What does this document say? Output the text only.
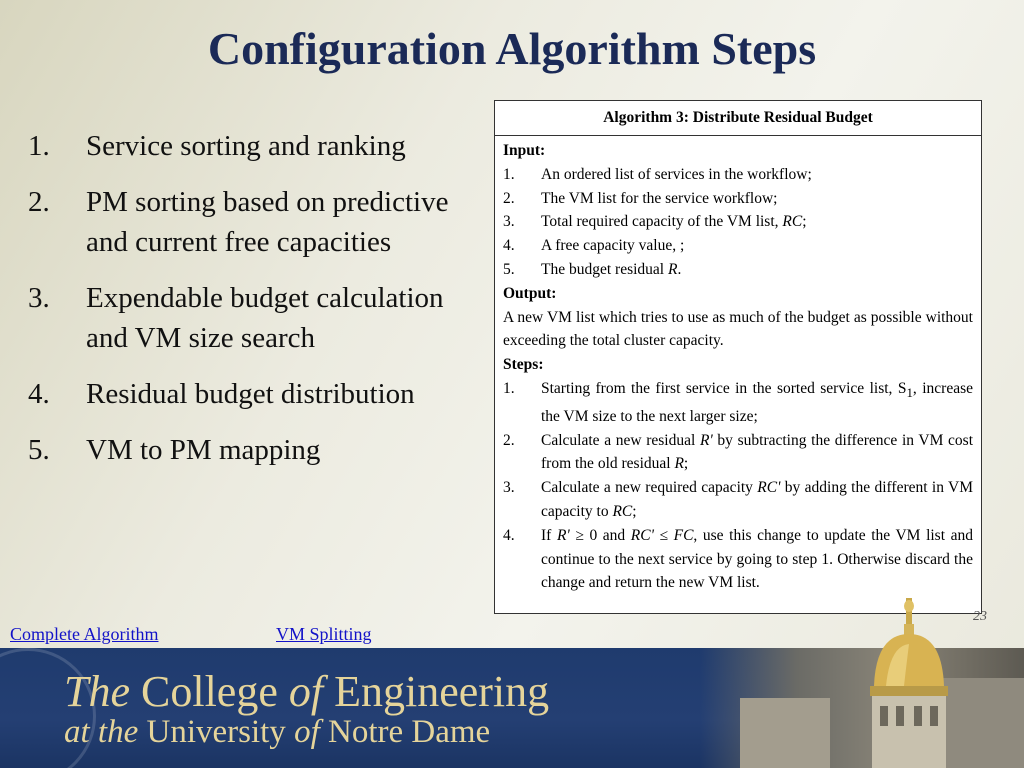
Configuration Algorithm Steps
1.	Service sorting and ranking
2.	PM sorting based on predictive and current free capacities
3.	Expendable budget calculation and VM size search
4.	Residual budget distribution
5.	VM to PM mapping
Algorithm 3: Distribute Residual Budget
Input:
1.	An ordered list of services in the workflow;
2.	The VM list for the service workflow;
3.	Total required capacity of the VM list, RC;
4.	A free capacity value, ;
5.	The budget residual R.
Output:
A new VM list which tries to use as much of the budget as possible without exceeding the total cluster capacity.
Steps:
1.	Starting from the first service in the sorted service list, $S_1$, increase the VM size to the next larger size;
2.	Calculate a new residual R' by subtracting the difference in VM cost from the old residual R;
3.	Calculate a new required capacity RC' by adding the different in VM capacity to RC;
4.	If R' ≥ 0 and RC' ≤ FC, use this change to update the VM list and continue to the next service by going to step 1. Otherwise discard the change and return the new VM list.
Complete Algorithm	VM Splitting
23
The College of Engineering
at the University of Notre Dame
